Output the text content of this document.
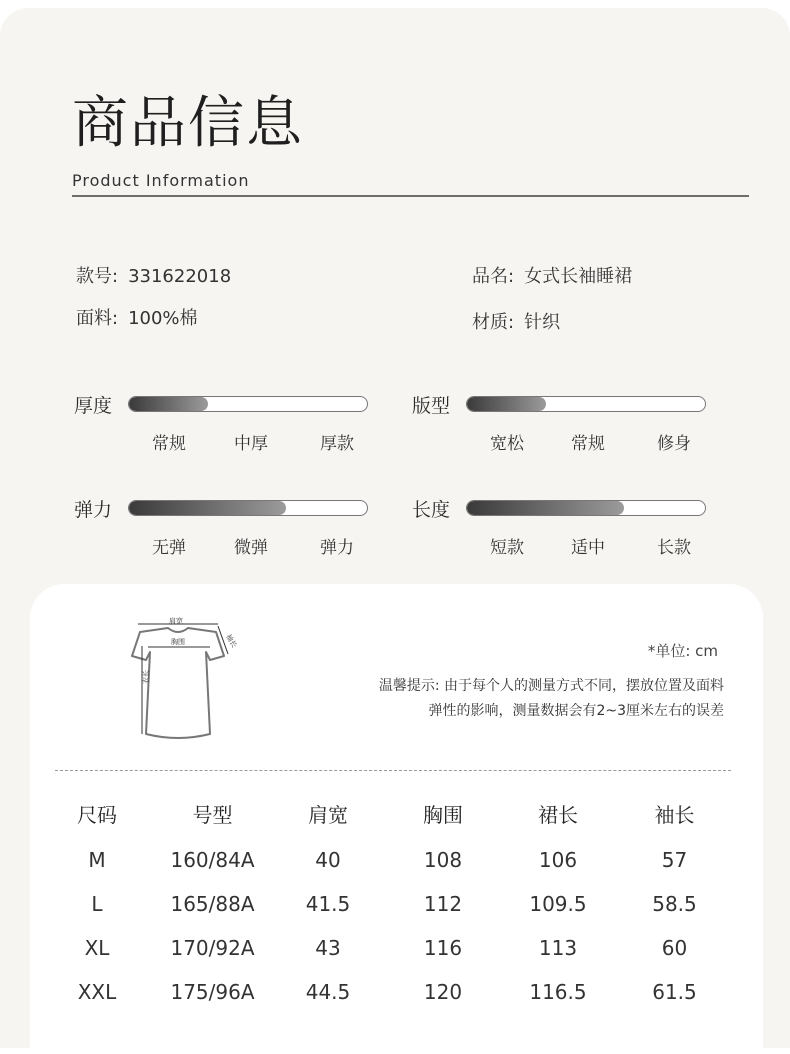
商品信息
Product Information
款号: 331622018	品名: 女式长袖睡裙
面料: 100%棉	材质: 针织
厚度
常规	中厚	厚款
版型
宽松	常规	修身
弹力
无弹	微弹	弹力
长度
短款	适中	长款
肩宽
胸围	袖长
衣长
*单位: cm
温馨提示: 由于每个人的测量方式不同，摆放位置及面料
弹性的影响，测量数据会有2~3厘米左右的误差
尺码	号型	肩宽	胸围	裙长	袖长
M	160/84A	40	108	106	57
L	165/88A	41.5	112	109.5	58.5
XL	170/92A	43	116	113	60
XXL	175/96A	44.5	120	116.5	61.5
